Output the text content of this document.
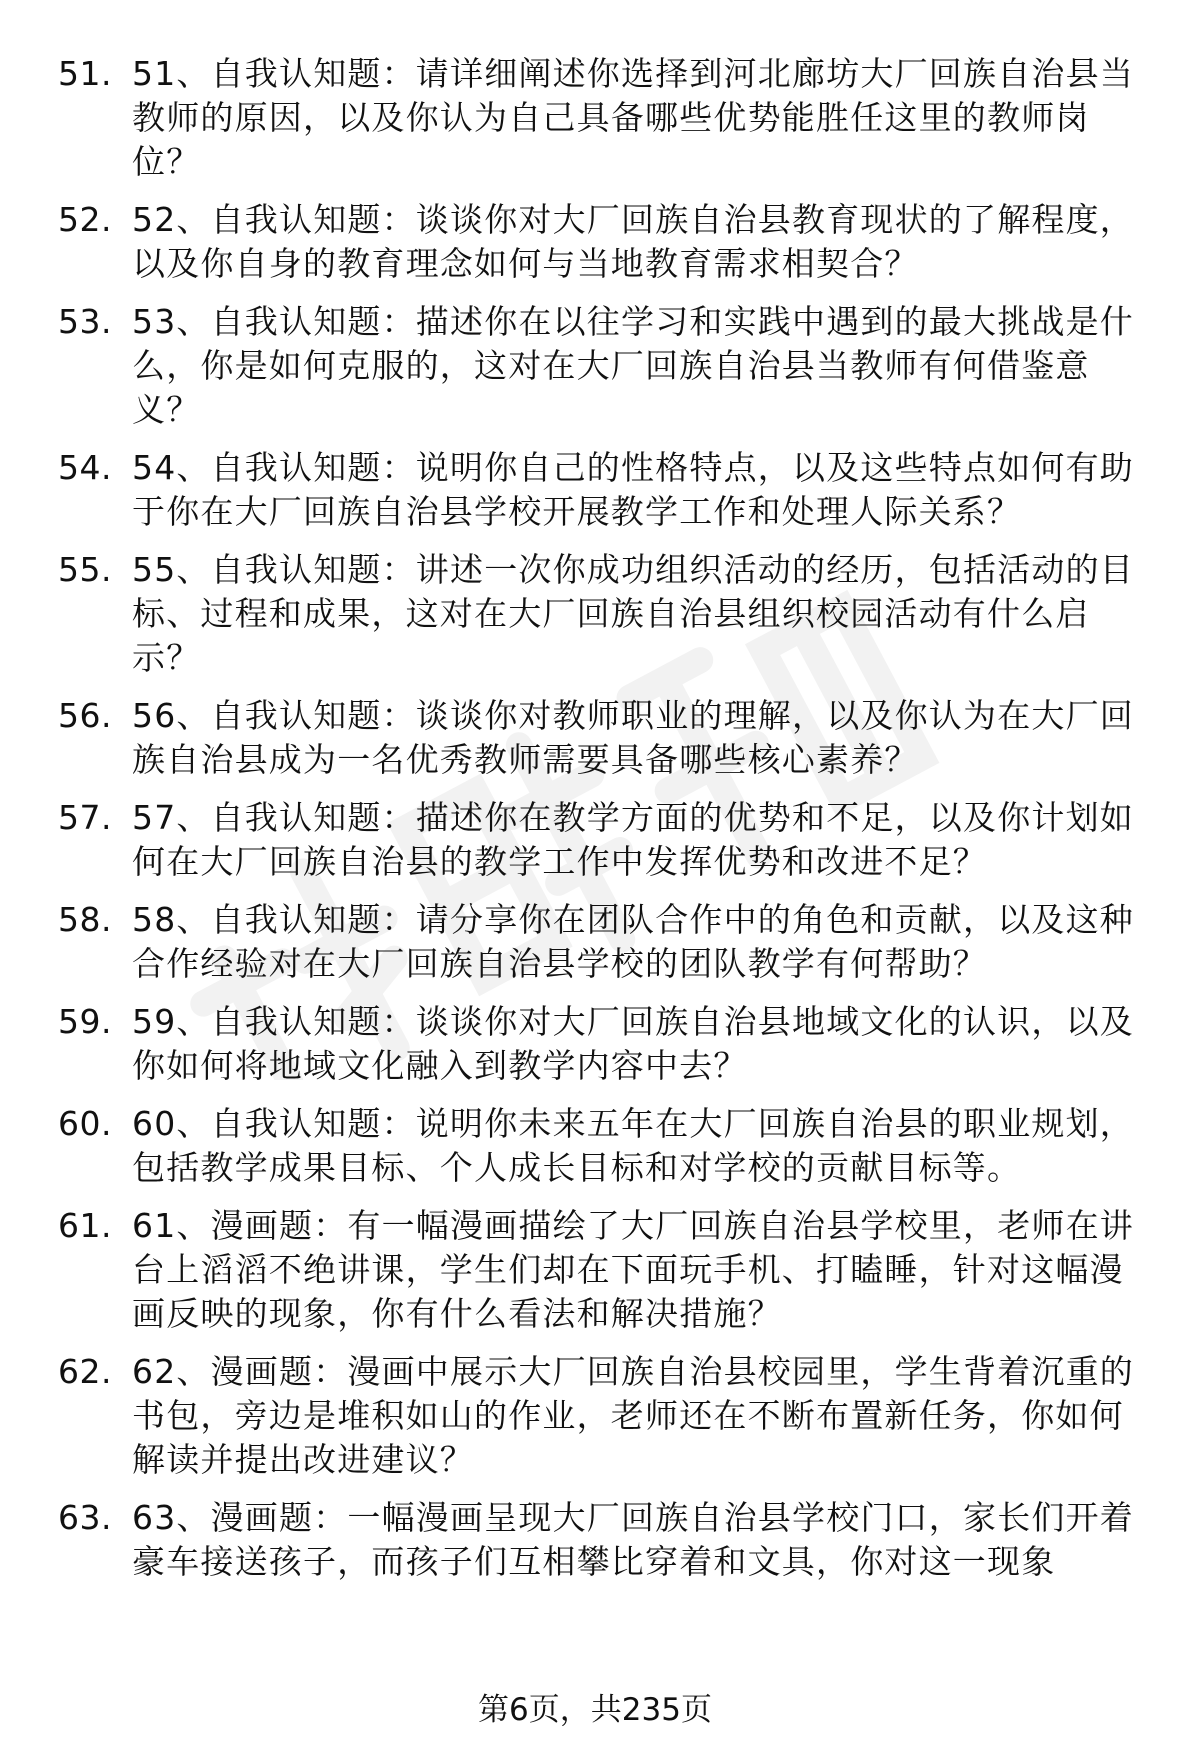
51. 51、自我认知题：请详细阐述你选择到河北廊坊大厂回族自治县当教师的原因，以及你认为自己具备哪些优势能胜任这里的教师岗位？
52. 52、自我认知题：谈谈你对大厂回族自治县教育现状的了解程度，以及你自身的教育理念如何与当地教育需求相契合？
53. 53、自我认知题：描述你在以往学习和实践中遇到的最大挑战是什么，你是如何克服的，这对在大厂回族自治县当教师有何借鉴意义？
54. 54、自我认知题：说明你自己的性格特点，以及这些特点如何有助于你在大厂回族自治县学校开展教学工作和处理人际关系？
55. 55、自我认知题：讲述一次你成功组织活动的经历，包括活动的目标、过程和成果，这对在大厂回族自治县组织校园活动有什么启示？
56. 56、自我认知题：谈谈你对教师职业的理解，以及你认为在大厂回族自治县成为一名优秀教师需要具备哪些核心素养？
57. 57、自我认知题：描述你在教学方面的优势和不足，以及你计划如何在大厂回族自治县的教学工作中发挥优势和改进不足？
58. 58、自我认知题：请分享你在团队合作中的角色和贡献，以及这种合作经验对在大厂回族自治县学校的团队教学有何帮助？
59. 59、自我认知题：谈谈你对大厂回族自治县地域文化的认识，以及你如何将地域文化融入到教学内容中去？
60. 60、自我认知题：说明你未来五年在大厂回族自治县的职业规划，包括教学成果目标、个人成长目标和对学校的贡献目标等。
61. 61、漫画题：有一幅漫画描绘了大厂回族自治县学校里，老师在讲台上滔滔不绝讲课，学生们却在下面玩手机、打瞌睡，针对这幅漫画反映的现象，你有什么看法和解决措施？
62. 62、漫画题：漫画中展示大厂回族自治县校园里，学生背着沉重的书包，旁边是堆积如山的作业，老师还在不断布置新任务，你如何解读并提出改进建议？
63. 63、漫画题：一幅漫画呈现大厂回族自治县学校门口，家长们开着豪车接送孩子，而孩子们互相攀比穿着和文具，你对这一现象
第6页，共235页
